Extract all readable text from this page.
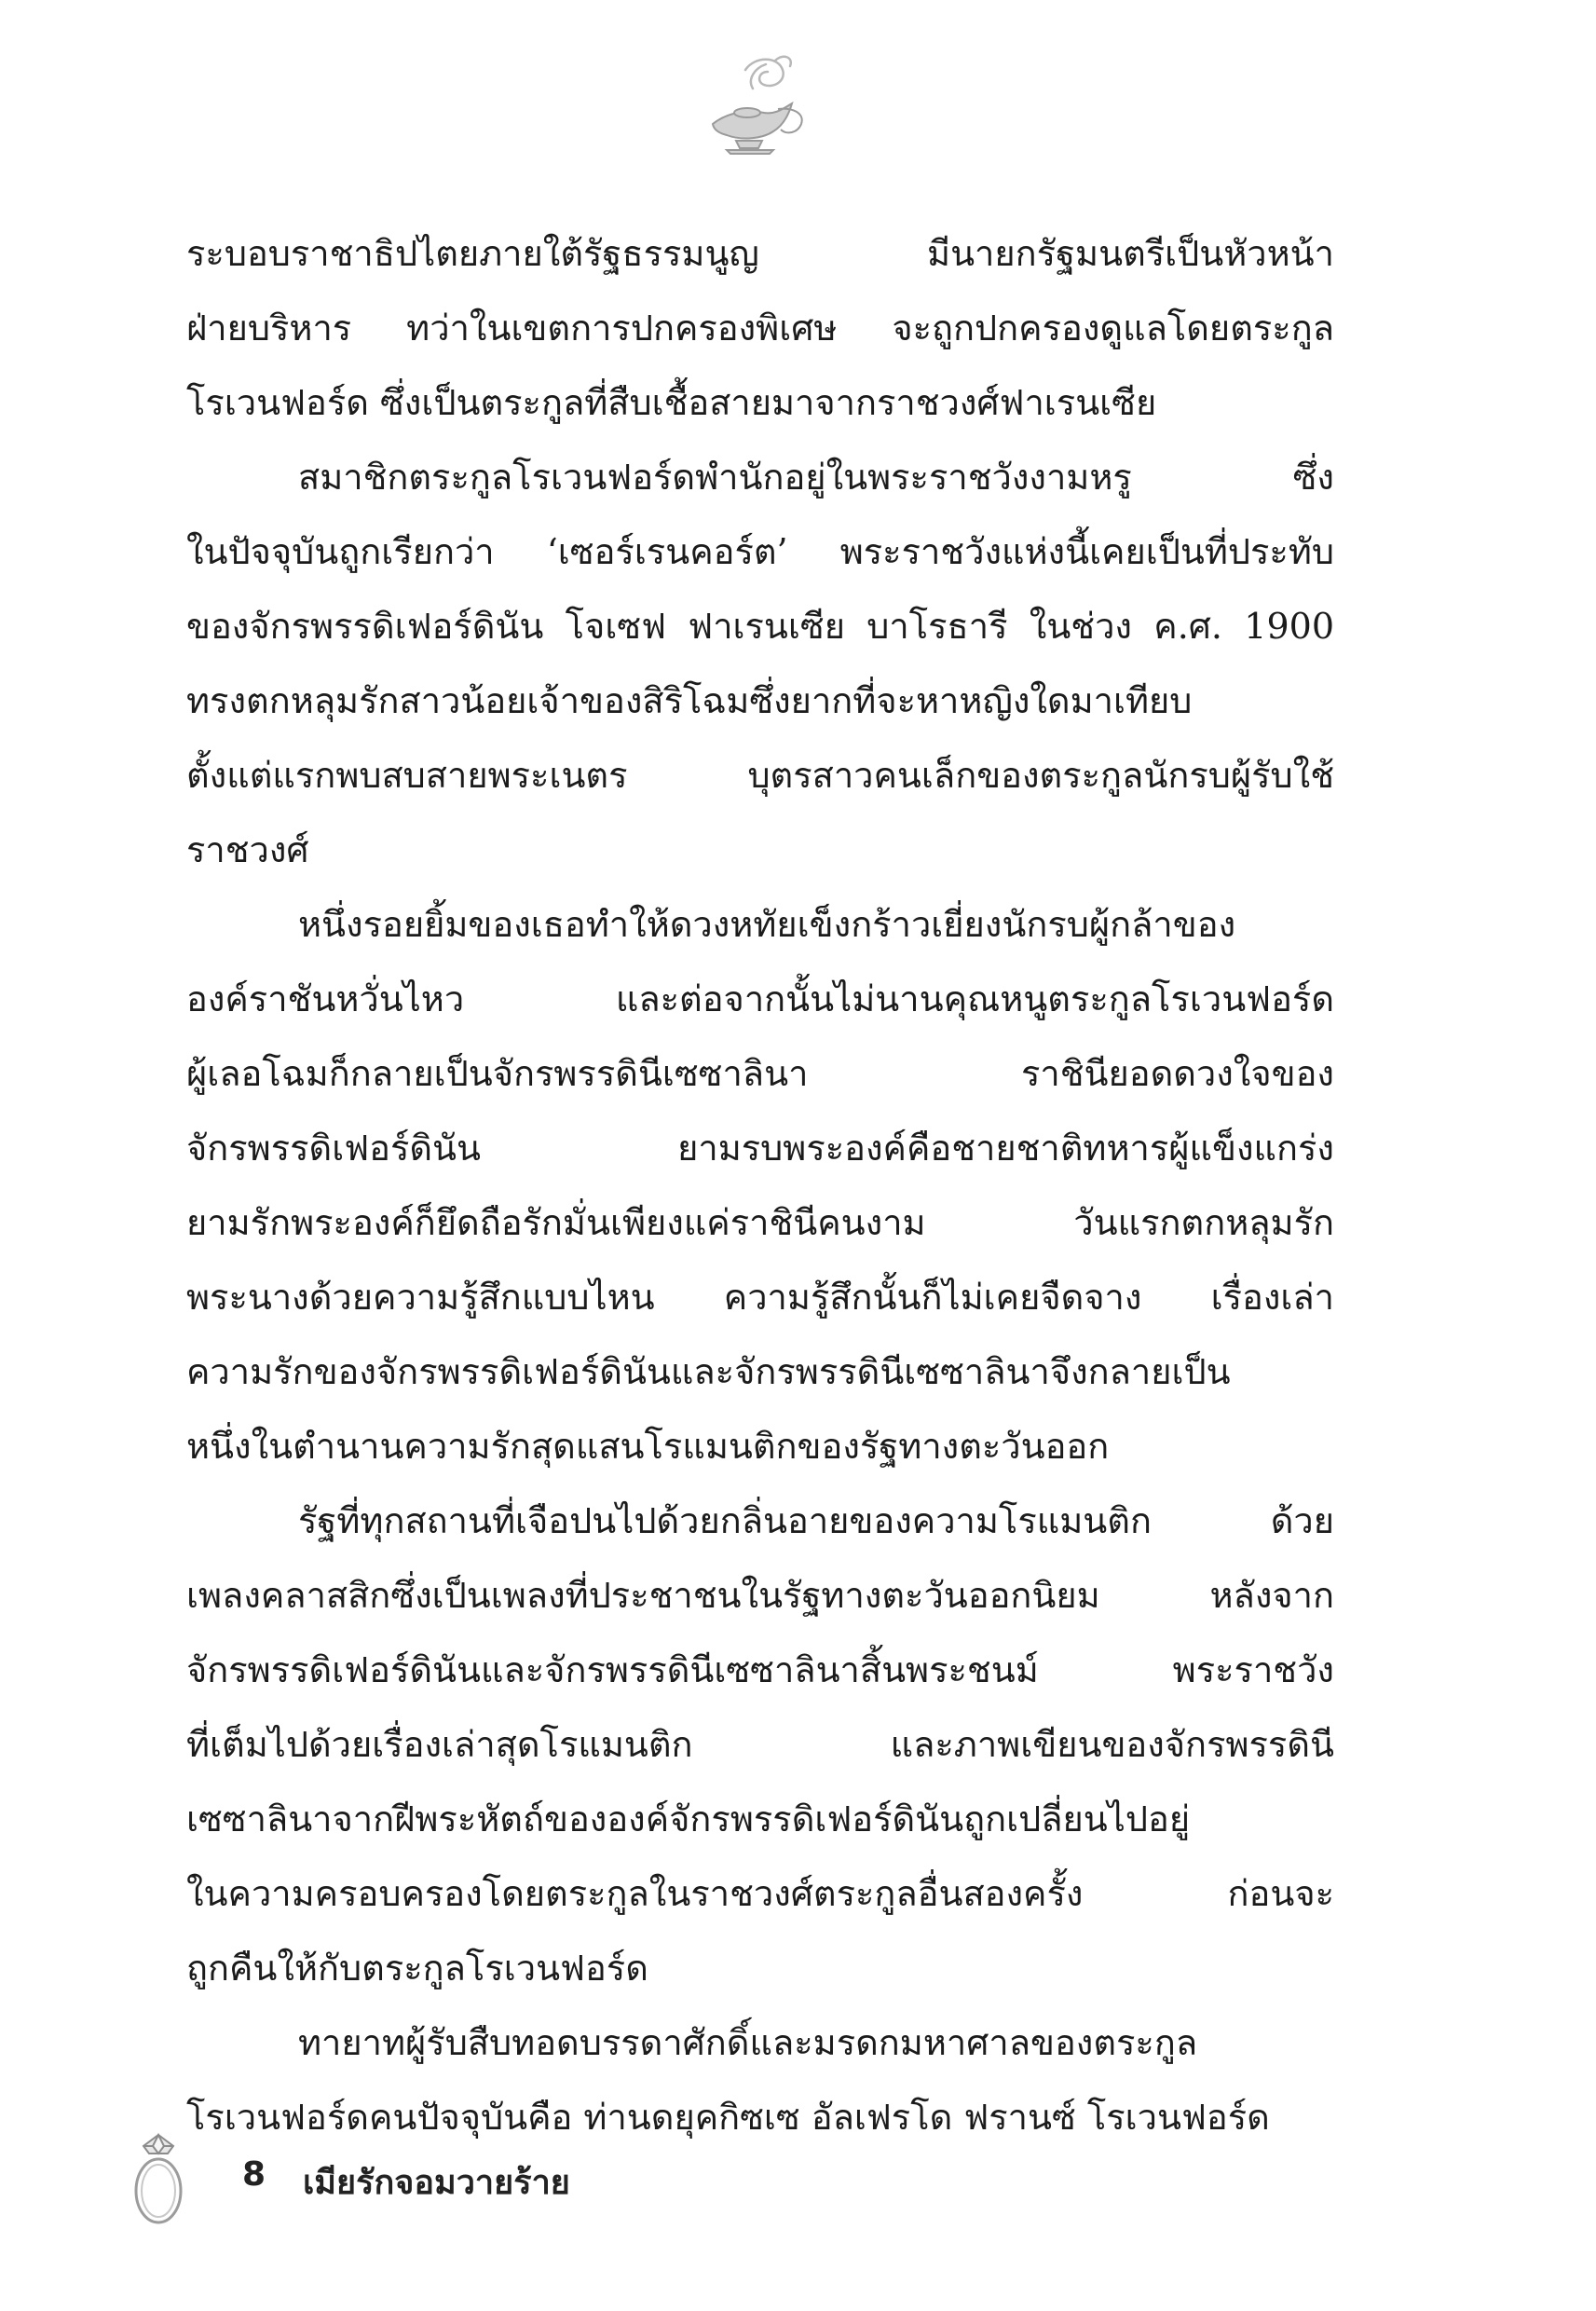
ระบอบราชาธิปไตยภายใต้รัฐธรรมนูญ มีนายกรัฐมนตรีเป็นหัวหน้า
ฝ่ายบริหาร ทว่าในเขตการปกครองพิเศษ จะถูกปกครองดูแลโดยตระกูล
โรเวนฟอร์ด ซึ่งเป็นตระกูลที่สืบเชื้อสายมาจากราชวงศ์ฟาเรนเซีย
สมาชิกตระกูลโรเวนฟอร์ดพำนักอยู่ในพระราชวังงามหรู ซึ่ง
ในปัจจุบันถูกเรียกว่า ‘เซอร์เรนคอร์ต’ พระราชวังแห่งนี้เคยเป็นที่ประทับ
ของจักรพรรดิเฟอร์ดินัน โจเซฟ ฟาเรนเซีย บาโรธารี ในช่วง ค.ศ. 1900
ทรงตกหลุมรักสาวน้อยเจ้าของสิริโฉมซึ่งยากที่จะหาหญิงใดมาเทียบ
ตั้งแต่แรกพบสบสายพระเนตร บุตรสาวคนเล็กของตระกูลนักรบผู้รับใช้
ราชวงศ์
หนึ่งรอยยิ้มของเธอทำให้ดวงหทัยเข็งกร้าวเยี่ยงนักรบผู้กล้าของ
องค์ราชันหวั่นไหว และต่อจากนั้นไม่นานคุณหนูตระกูลโรเวนฟอร์ด
ผู้เลอโฉมก็กลายเป็นจักรพรรดินีเซซาลินา ราชินียอดดวงใจของ
จักรพรรดิเฟอร์ดินัน ยามรบพระองค์คือชายชาติทหารผู้แข็งแกร่ง
ยามรักพระองค์ก็ยึดถือรักมั่นเพียงแค่ราชินีคนงาม วันแรกตกหลุมรัก
พระนางด้วยความรู้สึกแบบไหน ความรู้สึกนั้นก็ไม่เคยจืดจาง เรื่องเล่า
ความรักของจักรพรรดิเฟอร์ดินันและจักรพรรดินีเซซาลินาจึงกลายเป็น
หนึ่งในตำนานความรักสุดแสนโรแมนติกของรัฐทางตะวันออก
รัฐที่ทุกสถานที่เจือปนไปด้วยกลิ่นอายของความโรแมนติก ด้วย
เพลงคลาสสิกซึ่งเป็นเพลงที่ประชาชนในรัฐทางตะวันออกนิยม หลังจาก
จักรพรรดิเฟอร์ดินันและจักรพรรดินีเซซาลินาสิ้นพระชนม์ พระราชวัง
ที่เต็มไปด้วยเรื่องเล่าสุดโรแมนติก และภาพเขียนของจักรพรรดินี
เซซาลินาจากฝีพระหัตถ์ขององค์จักรพรรดิเฟอร์ดินันถูกเปลี่ยนไปอยู่
ในความครอบครองโดยตระกูลในราชวงศ์ตระกูลอื่นสองครั้ง ก่อนจะ
ถูกคืนให้กับตระกูลโรเวนฟอร์ด
ทายาทผู้รับสืบทอดบรรดาศักดิ์และมรดกมหาศาลของตระกูล
โรเวนฟอร์ดคนปัจจุบันคือ ท่านดยุคกิซเซ อัลเฟรโด ฟรานซ์ โรเวนฟอร์ด
8 เมียรักจอมวายร้าย
